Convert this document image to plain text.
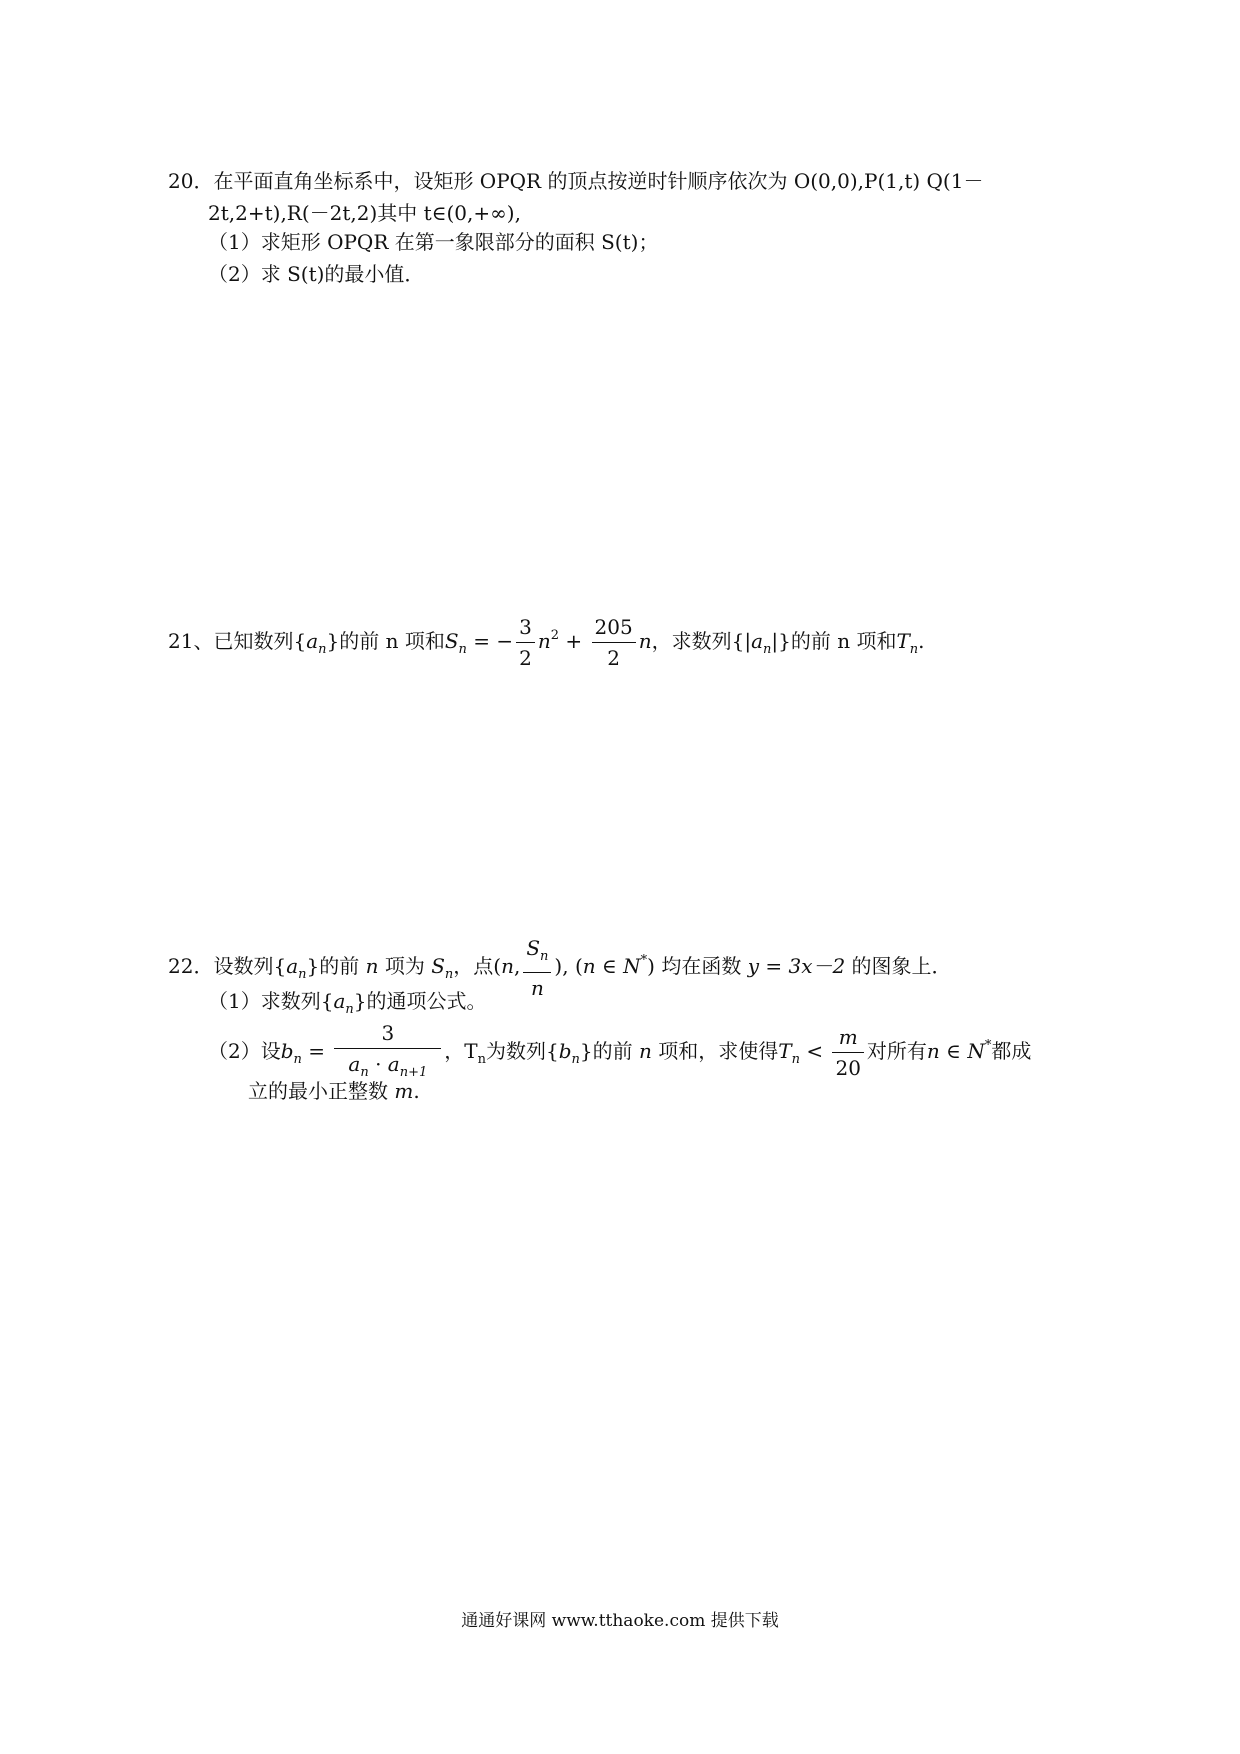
20．在平面直角坐标系中，设矩形 OPQR 的顶点按逆时针顺序依次为 O(0,0),P(1,t) Q(1－
2t,2+t),R(－2t,2)其中 t∈(0,+∞),
（1）求矩形 OPQR 在第一象限部分的面积 S(t)；
（2）求 S(t)的最小值．
21、已知数列$\{a_n\}$的前 n 项和$S_n$ = − $\frac{3}{2} n^2 + \frac{205}{2}$ n，求数列$\{|a_n|\}$的前 n 项和$T_n$.
22．设数列$\{a_n\}$的前 n 项为 $S_n$，点(n, $\frac{S_n}{n}$ ), (n ∈ N*) 均在函数 y = 3x－2 的图象上．
（1）求数列$\{a_n\}$的通项公式。
（2）设$b_n = \frac{3}{a_n \cdot a_{n+1}}$ ，$T_n$为数列$\{b_n\}$的前 n 项和，求使得$T_n < \frac{m}{20}$ 对所有n ∈ N*都成
立的最小正整数 m.
通通好课网 www.tthaoke.com 提供下载
